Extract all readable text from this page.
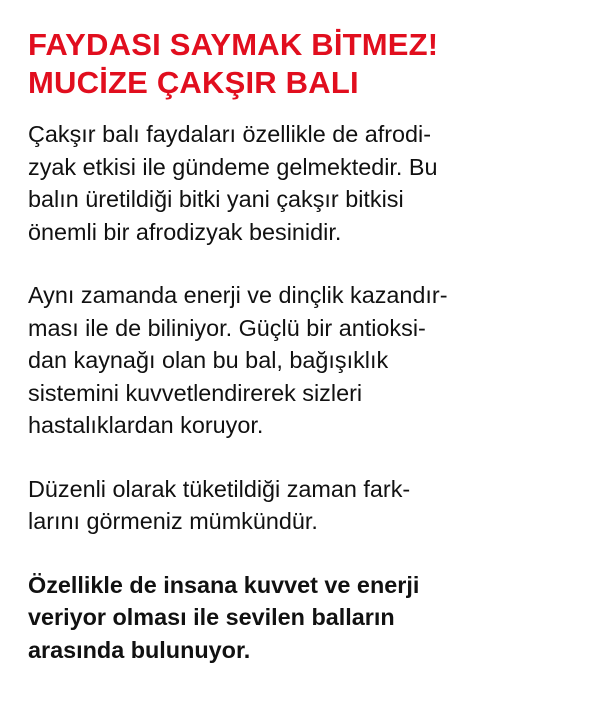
FAYDASI SAYMAK BİTMEZ!
MUCİZE ÇAKŞIR BALI

Çakşır balı faydaları özellikle de afrodi-
zyak etkisi ile gündeme gelmektedir. Bu
balın üretildiği bitki yani çakşır bitkisi
önemli bir afrodizyak besinidir.

Aynı zamanda enerji ve dinçlik kazandır-
ması ile de biliniyor. Güçlü bir antioksi-
dan kaynağı olan bu bal, bağışıklık
sistemini kuvvetlendirerek sizleri
hastalıklardan koruyor.

Düzenli olarak tüketildiği zaman fark-
larını görmeniz mümkündür.

Özellikle de insana kuvvet ve enerji
veriyor olması ile sevilen balların
arasında bulunuyor.
